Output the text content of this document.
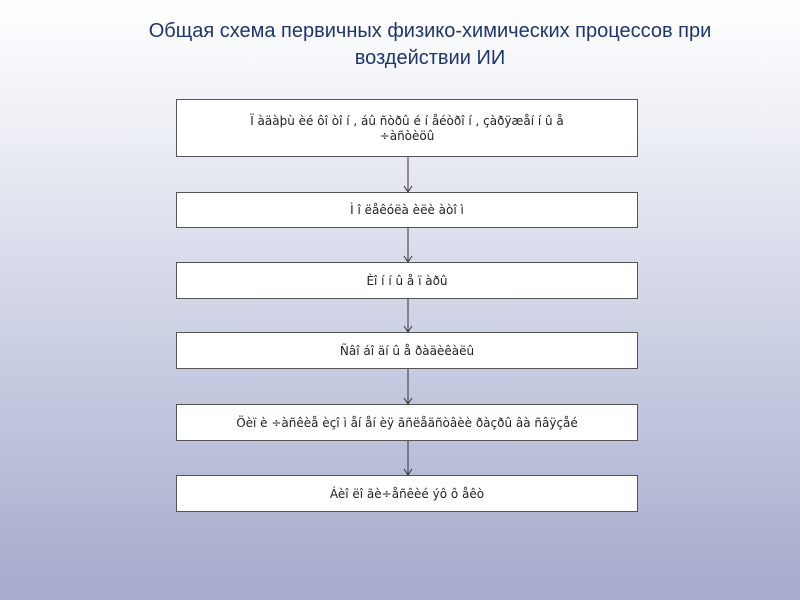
Общая схема первичных физико-химических процессов при
воздействии ИИ
Ï àäàþù èé ôî òî í , áû ñòðû é í åéòðî í , çàðÿæåí í û å
÷àñòèöû
Ì î ëåêóëà èëè àòî ì
Èî í í û å ï àðû
Ñâî áî äí û å ðàäèêàëû
Öèï è ÷àñêèå èçî ì åí åí èÿ ãñëåäñòâèè ðàçðû âà ñâÿçåé
Áèî ëî ãè÷åñêèé ýô ô åêò
